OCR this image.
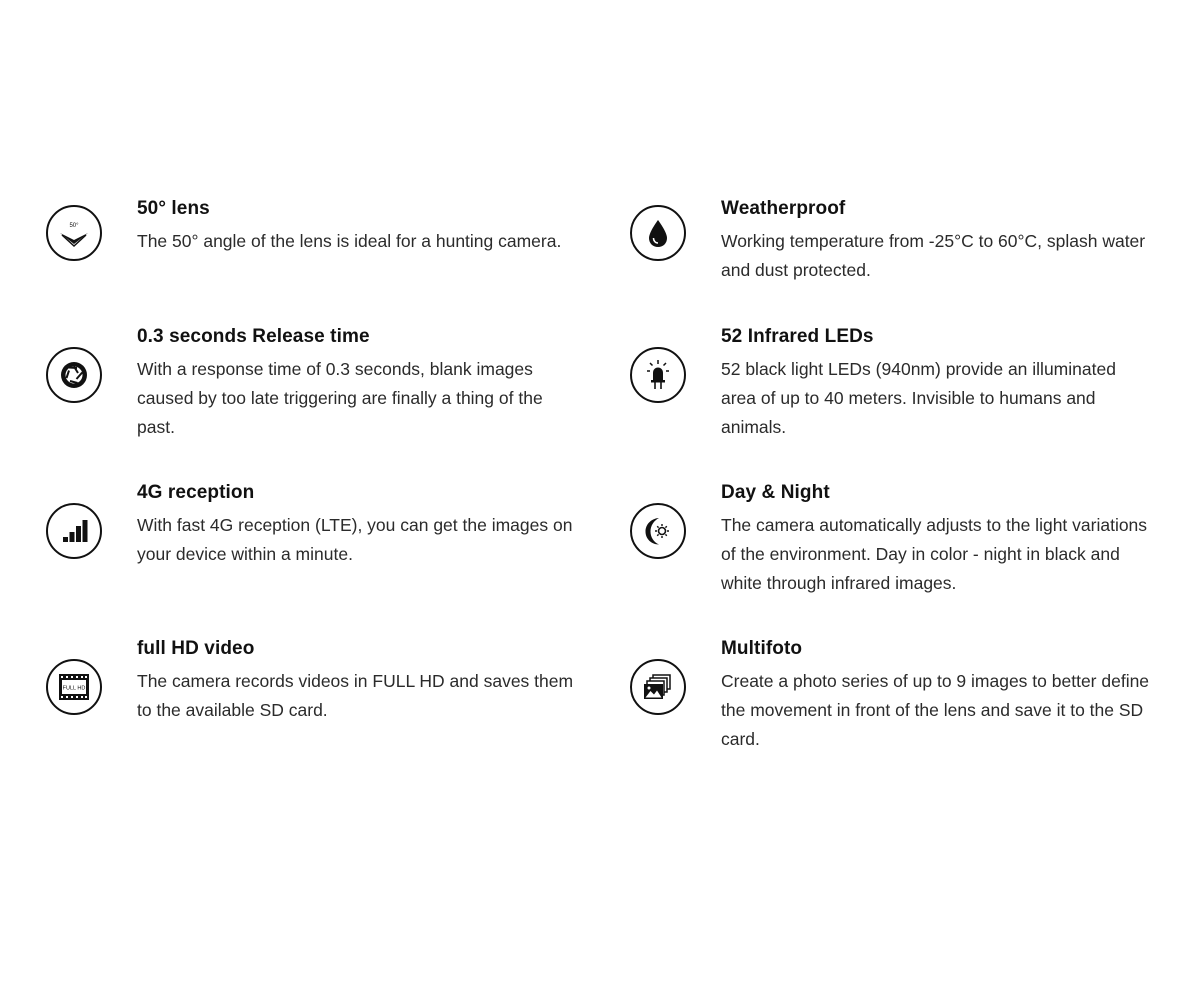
50°
50° lens

The 50° angle of the lens is ideal for a hunting camera.

Weatherproof

Working temperature from -25°C to 60°C, splash water and dust protected.

0.3 seconds Release time

With a response time of 0.3 seconds, blank images caused by too late triggering are finally a thing of the past.

52 Infrared LEDs

52 black light LEDs (940nm) provide an illuminated area of up to 40 meters. Invisible to humans and animals.

4G reception

With fast 4G reception (LTE), you can get the images on your device within a minute.

Day & Night

The camera automatically adjusts to the light variations of the environment. Day in color - night in black and white through infrared images.

FULL HD
full HD video

The camera records videos in FULL HD and saves them to the available SD card.

Multifoto

Create a photo series of up to 9 images to better define the movement in front of the lens and save it to the SD card.
